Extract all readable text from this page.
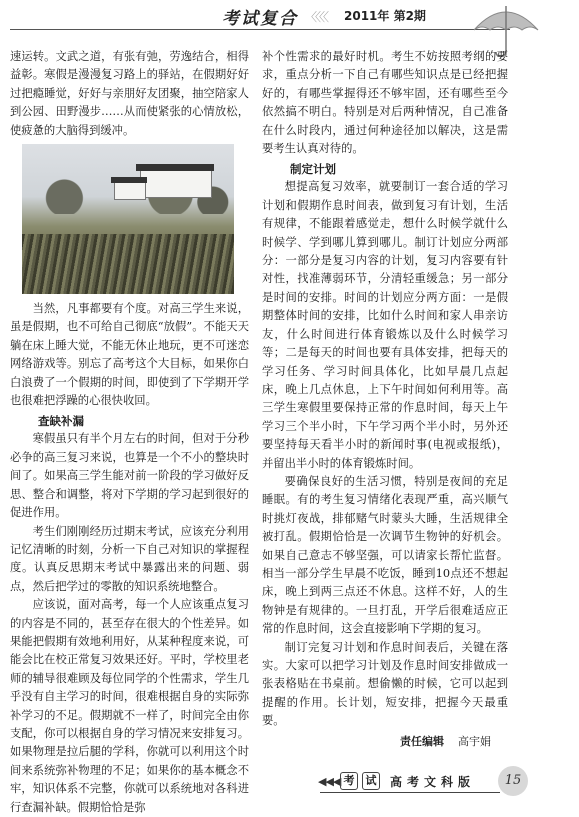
考试复合 〈〈〈〈 2011年 第2期

速运转。文武之道，有张有弛，劳逸结合，相得益彰。寒假是漫漫复习路上的驿站，在假期好好过把瘾睡觉，好好与亲朋好友团聚，抽空陪家人到公园、田野漫步……从而使紧张的心情放松，使疲惫的大脑得到缓冲。

当然，凡事都要有个度。对高三学生来说，虽是假期，也不可给自己彻底“放假”。不能天天躺在床上睡大觉，不能无休止地玩，更不可迷恋网络游戏等。别忘了高考这个大目标，如果你白白浪费了一个假期的时间，即使到了下学期开学也很难把浮躁的心很快收回。

查缺补漏

寒假虽只有半个月左右的时间，但对于分秒必争的高三复习来说，也算是一个不小的整块时间了。如果高三学生能对前一阶段的学习做好反思、整合和调整，将对下学期的学习起到很好的促进作用。

考生们刚刚经历过期末考试，应该充分利用记忆清晰的时刻，分析一下自己对知识的掌握程度。认真反思期末考试中暴露出来的问题、弱点，然后把学过的零散的知识系统地整合。

应该说，面对高考，每一个人应该重点复习的内容是不同的，甚至存在很大的个性差异。如果能把假期有效地利用好，从某种程度来说，可能会比在校正常复习效果还好。平时，学校里老师的辅导很难顾及每位同学的个性需求，学生几乎没有自主学习的时间，很难根据自身的实际弥补学习的不足。假期就不一样了，时间完全由你支配，你可以根据自身的学习情况来安排复习。如果物理是拉后腿的学科，你就可以利用这个时间来系统弥补物理的不足；如果你的基本概念不牢，知识体系不完整，你就可以系统地对各科进行查漏补缺。假期恰恰是弥

补个性需求的最好时机。考生不妨按照考纲的要求，重点分析一下自己有哪些知识点是已经把握好的，有哪些掌握得还不够牢固，还有哪些至今依然搞不明白。特别是对后两种情况，自己准备在什么时段内，通过何种途径加以解决，这是需要考生认真对待的。

制定计划

想提高复习效率，就要制订一套合适的学习计划和假期作息时间表，做到复习有计划，生活有规律，不能跟着感觉走，想什么时候学就什么时候学、学到哪儿算到哪儿。制订计划应分两部分：一部分是复习内容的计划，复习内容要有针对性，找准薄弱环节，分清轻重缓急；另一部分是时间的安排。时间的计划应分两方面：一是假期整体时间的安排，比如什么时间和家人串亲访友，什么时间进行体育锻炼以及什么时候学习等；二是每天的时间也要有具体安排，把每天的学习任务、学习时间具体化，比如早晨几点起床，晚上几点休息，上下午时间如何利用等。高三学生寒假里要保持正常的作息时间，每天上午学习三个半小时，下午学习两个半小时，另外还要坚持每天看半小时的新闻时事(电视或报纸)，并留出半小时的体育锻炼时间。

要确保良好的生活习惯，特别是夜间的充足睡眠。有的考生复习情绪化表现严重，高兴顺气时挑灯夜战，排郁赌气时蒙头大睡，生活规律全被打乱。假期恰恰是一次调节生物钟的好机会。如果自己意志不够坚强，可以请家长帮忙监督。相当一部分学生早晨不吃饭，睡到10点还不想起床，晚上到两三点还不休息。这样不好，人的生物钟是有规律的。一旦打乱，开学后很难适应正常的作息时间，这会直接影响下学期的复习。

制订完复习计划和作息时间表后，关键在落实。大家可以把学习计划及作息时间安排做成一张表格贴在书桌前。想偷懒的时候，它可以起到提醒的作用。长计划，短安排，把握今天最重要。

责任编辑 高宇娟
◀◀◀ 考	试 高考文科版	15
